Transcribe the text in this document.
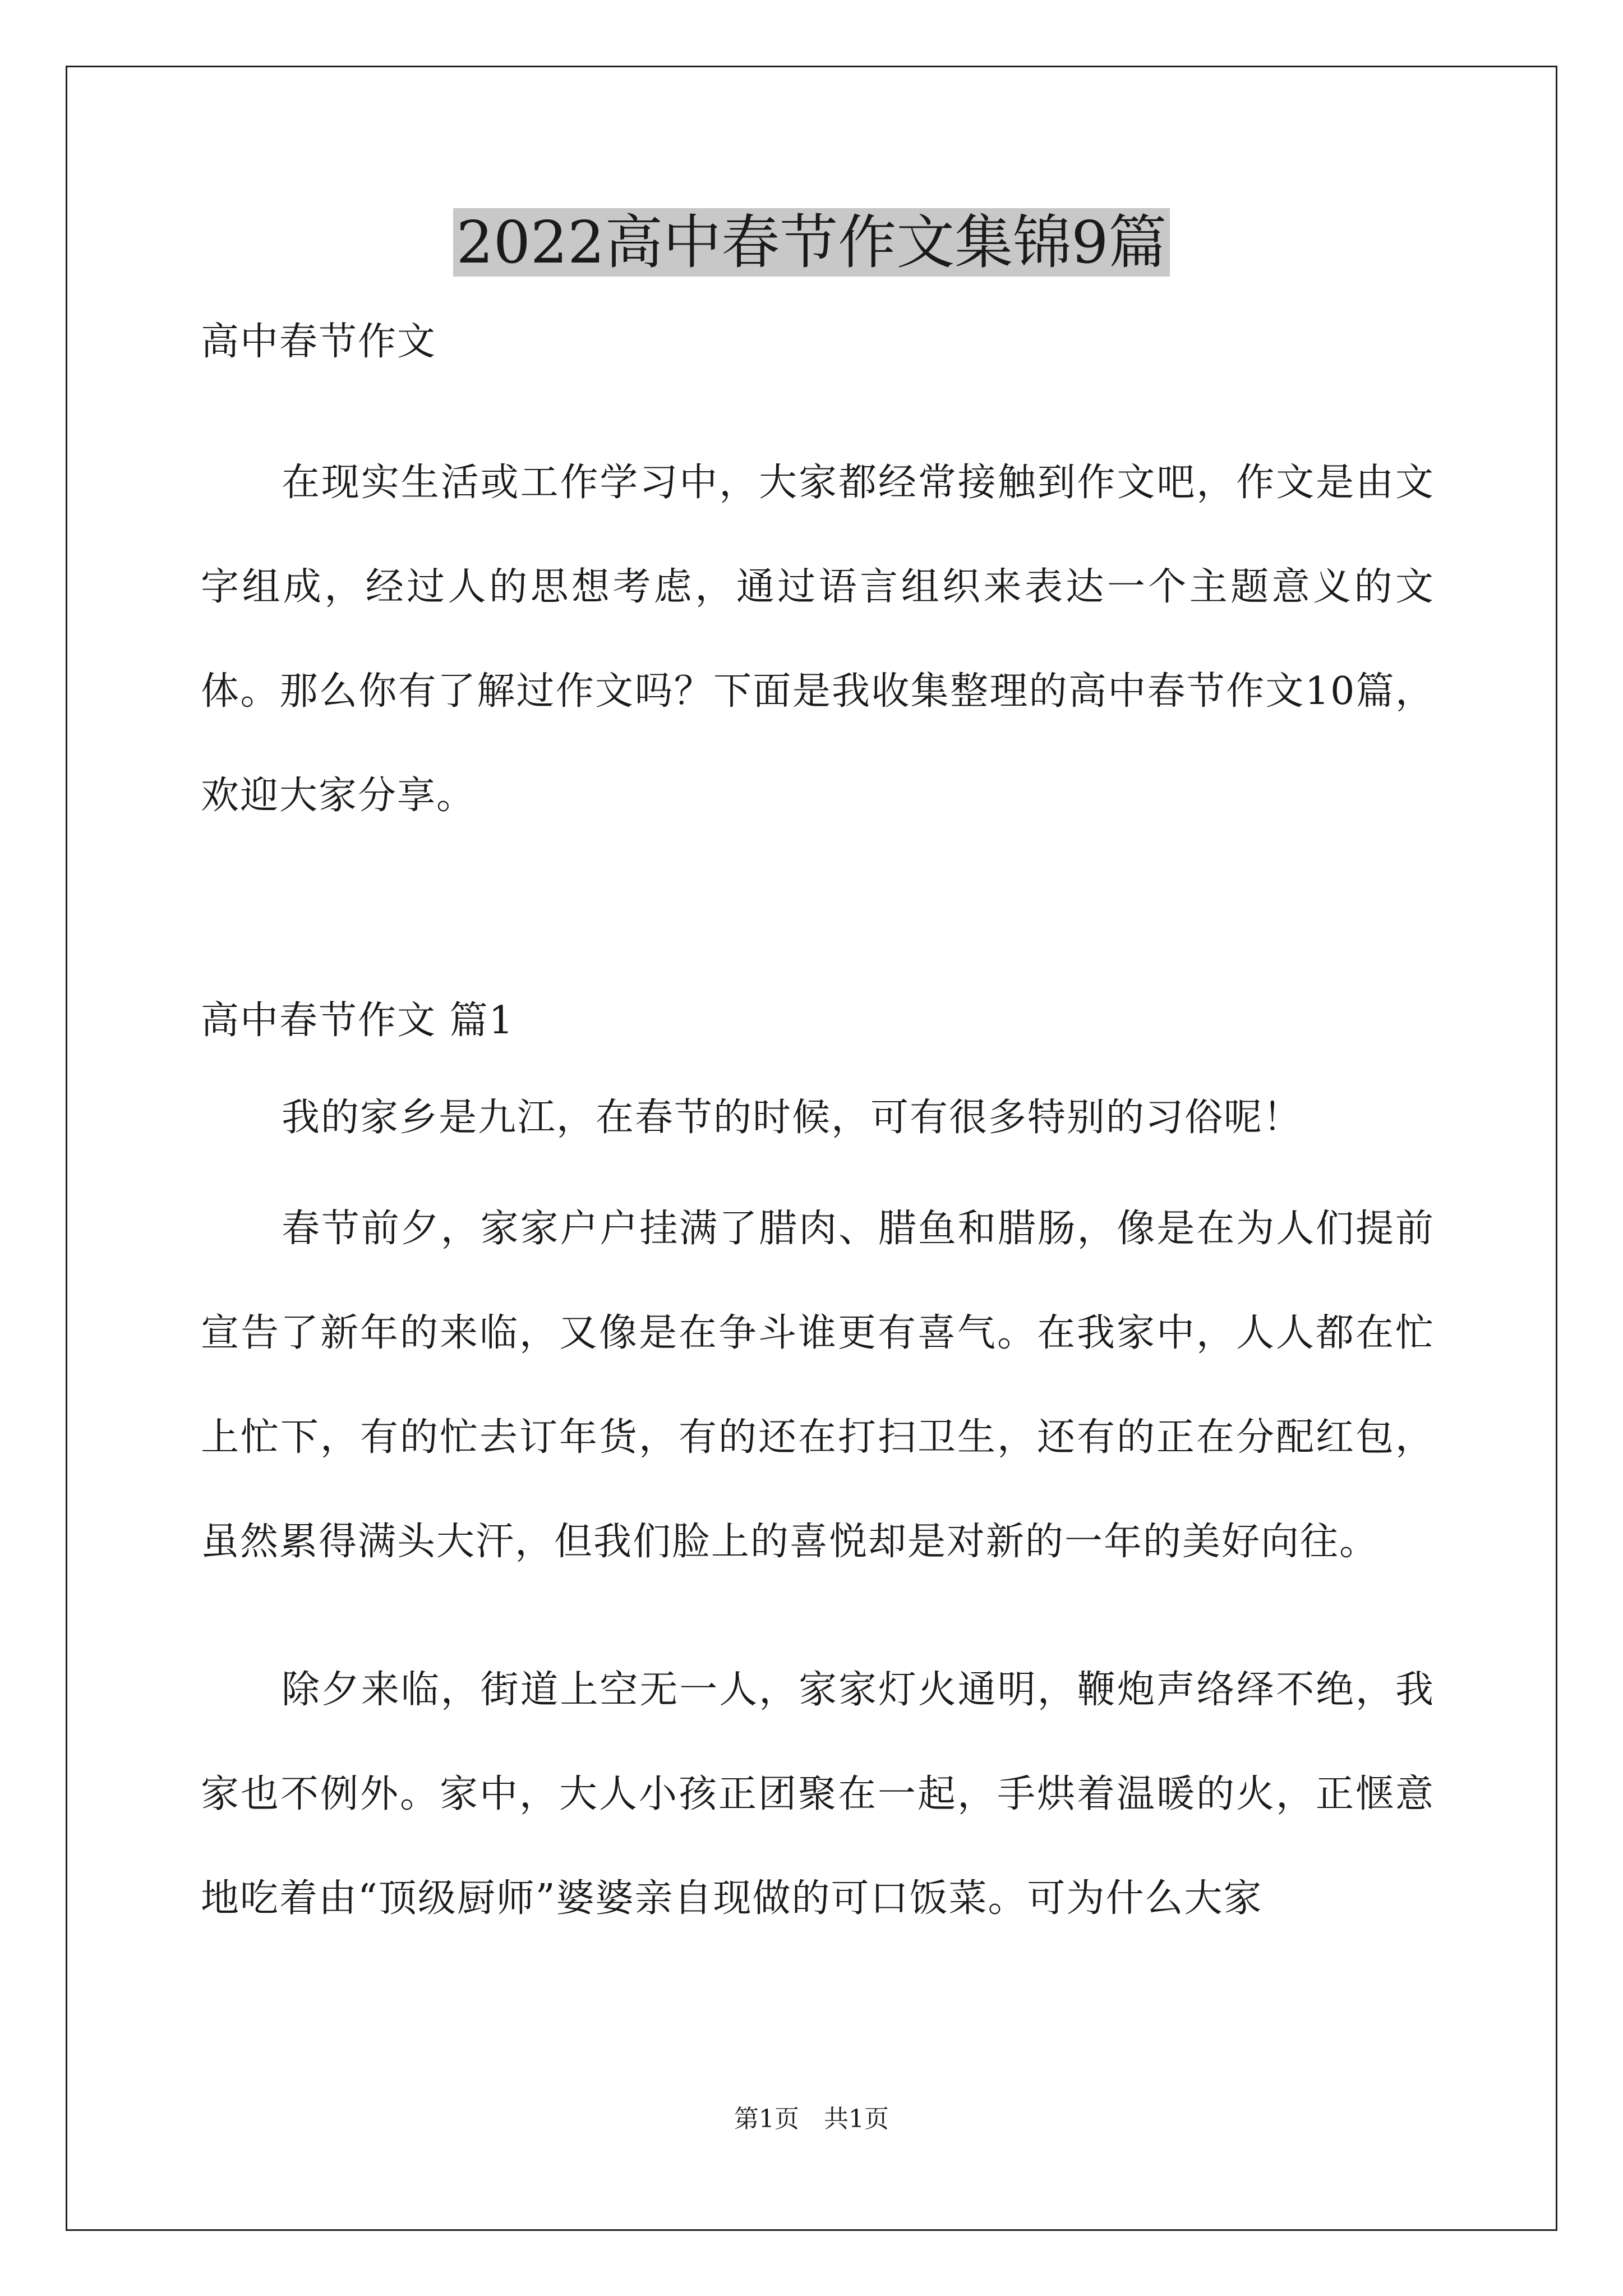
2022高中春节作文集锦9篇
高中春节作文
在现实生活或工作学习中，大家都经常接触到作文吧，作文是由文字组成，经过人的思想考虑，通过语言组织来表达一个主题意义的文体。那么你有了解过作文吗？下面是我收集整理的高中春节作文10篇，欢迎大家分享。
高中春节作文 篇1
我的家乡是九江，在春节的时候，可有很多特别的习俗呢！
春节前夕，家家户户挂满了腊肉、腊鱼和腊肠，像是在为人们提前宣告了新年的来临，又像是在争斗谁更有喜气。在我家中，人人都在忙上忙下，有的忙去订年货，有的还在打扫卫生，还有的正在分配红包，虽然累得满头大汗，但我们脸上的喜悦却是对新的一年的美好向往。
除夕来临，街道上空无一人，家家灯火通明，鞭炮声络绎不绝，我家也不例外。家中，大人小孩正团聚在一起，手烘着温暖的火，正惬意地吃着由“顶级厨师”婆婆亲自现做的可口饭菜。可为什么大家
第1页　共1页
